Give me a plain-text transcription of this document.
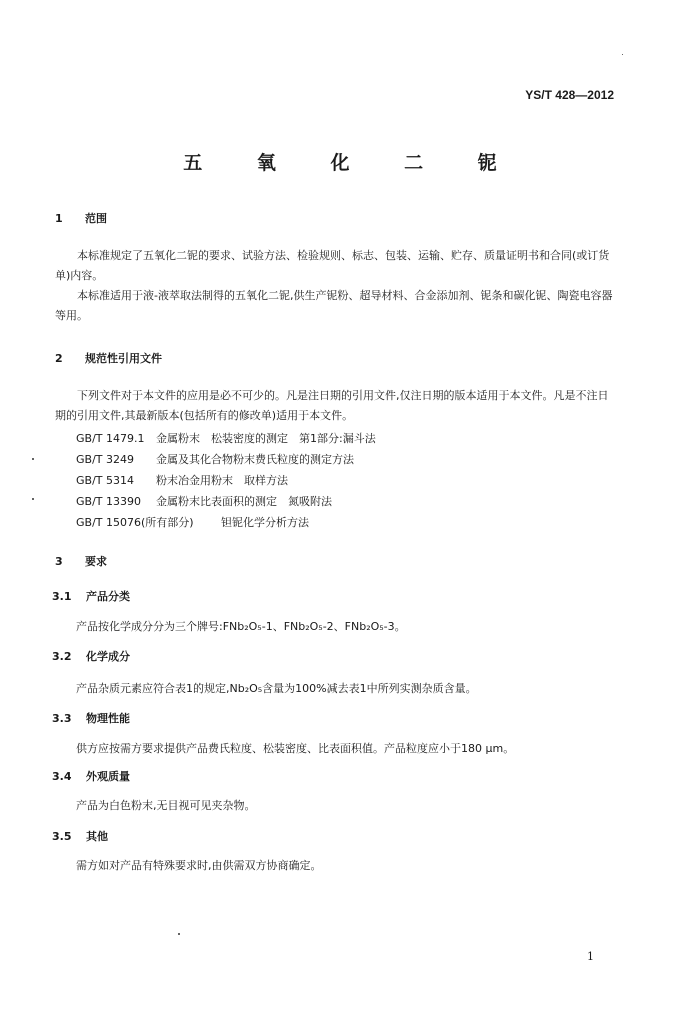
YS/T 428—2012
五 氧 化 二 铌
1 范围

本标准规定了五氧化二铌的要求、试验方法、检验规则、标志、包装、运输、贮存、质量证明书和合同(或订货单)内容。

本标准适用于液-液萃取法制得的五氧化二铌,供生产铌粉、超导材料、合金添加剂、铌条和碳化铌、陶瓷电容器等用。

2 规范性引用文件

下列文件对于本文件的应用是必不可少的。凡是注日期的引用文件,仅注日期的版本适用于本文件。凡是不注日期的引用文件,其最新版本(包括所有的修改单)适用于本文件。

GB/T 1479.1 金属粉末　松装密度的测定　第1部分:漏斗法
GB/T 3249 金属及其化合物粉末费氏粒度的测定方法
GB/T 5314 粉末冶金用粉末　取样方法
GB/T 13390 金属粉末比表面积的测定　氮吸附法
GB/T 15076(所有部分) 钽铌化学分析方法
3 要求
3.1 产品分类
产品按化学成分分为三个牌号:FNb₂O₅-1、FNb₂O₅-2、FNb₂O₅-3。
3.2 化学成分
产品杂质元素应符合表1的规定,Nb₂O₅含量为100%减去表1中所列实测杂质含量。
3.3 物理性能
供方应按需方要求提供产品费氏粒度、松装密度、比表面积值。产品粒度应小于180 μm。
3.4 外观质量
产品为白色粉末,无目视可见夹杂物。
3.5 其他
需方如对产品有特殊要求时,由供需双方协商确定。
1
